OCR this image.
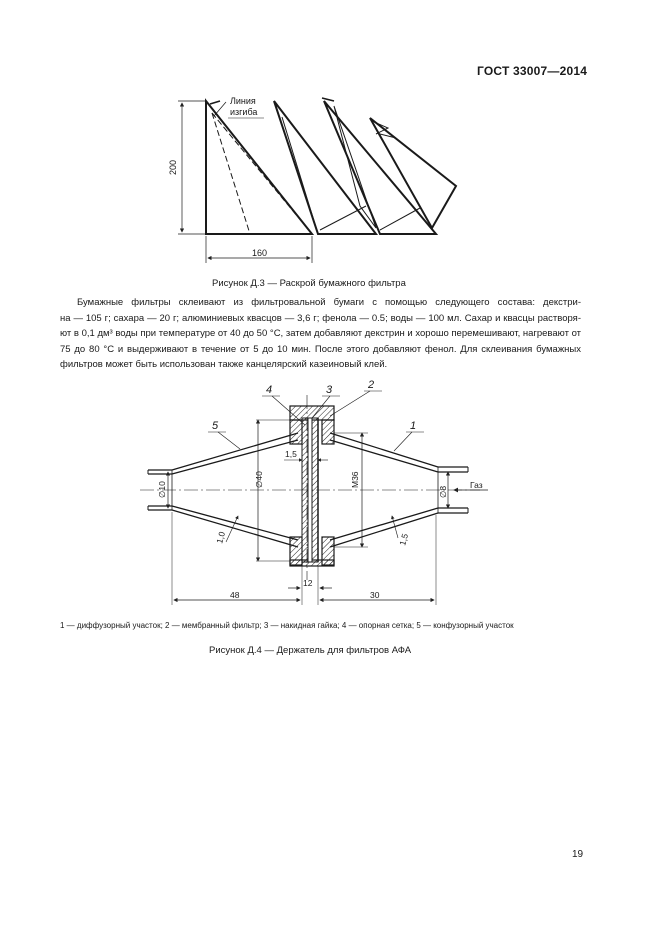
ГОСТ 33007—2014
Линия
изгиба
200
160
4	3	2
5	1
1,5
∅40	М36
∅10	∅8
Газ
1,0	1,5
12
48	30
Рисунок Д.3 — Раскрой бумажного фильтра
Бумажные фильтры склеивают из фильтровальной бумаги с помощью следующего состава: декстри-
на — 105 г; сахара — 20 г; алюминиевых квасцов — 3,6 г; фенола — 0.5; воды — 100 мл. Сахар и квасцы растворя-
ют в 0,1 дм³ воды при температуре от 40 до 50 °С, затем добавляют декстрин и хорошо перемешивают, нагревают от
75 до 80 °С и выдерживают в течение от 5 до 10 мин. После этого добавляют фенол. Для склеивания бумажных
фильтров может быть использован также канцелярский казеиновый клей.
1 — диффузорный участок; 2 — мембранный фильтр; 3 — накидная гайка; 4 — опорная сетка; 5 — конфузорный участок
Рисунок Д.4 — Держатель для фильтров АФА
19
